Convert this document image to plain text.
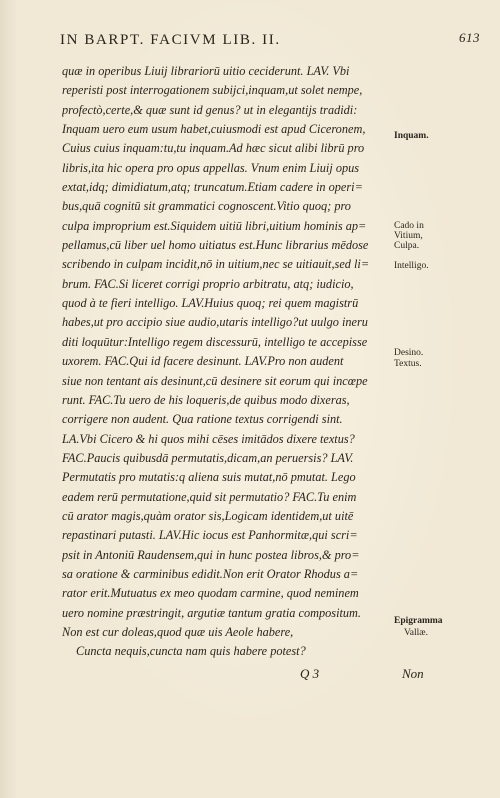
IN BARPT. FACIVM LIB. II.	613
quæ in operibus Liuij librariorū uitio ceciderunt. LAV. Vbi
reperisti post interrogationem subijci,inquam,ut solet nempe,
profectò,certe,& quæ sunt id genus? ut in elegantijs tradidi:
Inquam uero eum usum habet,cuiusmodi est apud Ciceronem,
Cuius cuius inquam:tu,tu inquam.Ad hæc sicut alibi librū pro
libris,ita hic opera pro opus appellas. Vnum enim Liuij opus
extat,idq; dimidiatum,atq; truncatum.Etiam cadere in operi=
bus,quā cognitū sit grammatici cognoscent.Vitio quoq; pro
culpa improprium est.Siquidem uitiū libri,uitium hominis ap=
pellamus,cū liber uel homo uitiatus est.Hunc librarius mēdose
scribendo in culpam incidit,nō in uitium,nec se uitiauit,sed li=
brum. FAC.Si liceret corrigi proprio arbitratu, atq; iudicio,
quod à te fieri intelligo. LAV.Huius quoq; rei quem magistrū
habes,ut pro accipio siue audio,utaris intelligo?ut uulgo ineru
diti loquūtur:Intelligo regem discessurū, intelligo te accepisse
uxorem. FAC.Qui id facere desinunt. LAV.Pro non audent
siue non tentant ais desinunt,cū desinere sit eorum qui incœpe
runt. FAC.Tu uero de his loqueris,de quibus modo dixeras,
corrigere non audent. Qua ratione textus corrigendi sint.
LA.Vbi Cicero & hi quos mihi cēses imitādos dixere textus?
FAC.Paucis quibusdā permutatis,dicam,an peruersis? LAV.
Permutatis pro mutatis:q aliena suis mutat,nō pmutat. Lego
eadem rerū permutatione,quid sit permutatio? FAC.Tu enim
cū arator magis,quàm orator sis,Logicam identidem,ut uitē
repastinari putasti. LAV.Hic iocus est Panhormitæ,qui scri=
psit in Antoniū Raudensem,qui in hunc postea libros,& pro=
sa oratione & carminibus edidit.Non erit Orator Rhodus a=
rator erit.Mutuatus ex meo quodam carmine, quod neminem
uero nomine præstringit, argutiæ tantum gratia compositum.
Non est cur doleas,quod quæ uis Aeole habere,
Cuncta nequis,cuncta nam quis habere potest?
Inquam.
Cado in
Vitium,
Culpa.
Intelligo.
Desino.
Textus.
Epigramma
Vallæ.
Q 3	Non
